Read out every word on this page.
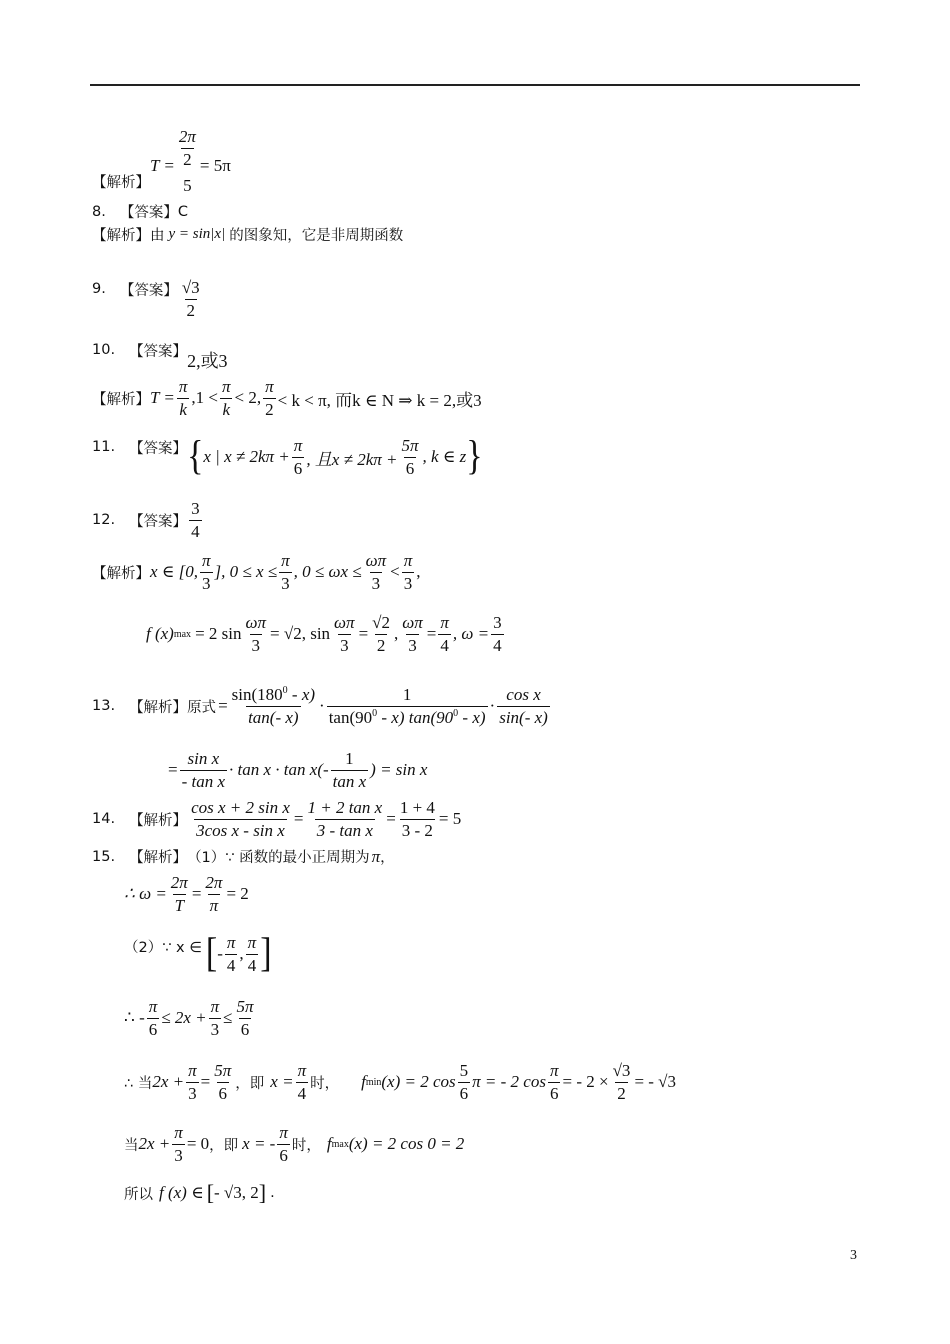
【解析】
$T = \frac{2\pi}{\frac{2}{5}} = 5\pi$
8. 【答案】 C
【解析】 由 y = sin|x| 的图象知，它是非周期函数
9. 【答案】 $\frac{√3}{2}$
10. 【答案】 2,或3
【解析】 $T = \frac{\pi}{k} ,1 < \frac{\pi}{k} < 2$, $\frac{\pi}{2} < k < \pi$, 而k ∈ N ⇒ k = 2,或3
11. 【答案】 { x | $x \ne 2k\pi + \frac{\pi}{6}$ , 且$x \ne 2k\pi + \frac{5\pi}{6}$ , k ∈ z }
12. 【答案】 $\frac{3}{4}$
【解析】 x ∈ [0, $\frac{\pi}{3}$ ], $0 \le x \le \frac{\pi}{3}$ , $0 \le \omega x \le \frac{\omega\pi}{3} < \frac{\pi}{3}$ ,
f (x) max = 2 $\sin \frac{\omega\pi}{3} = √2$, $\sin \frac{\omega\pi}{3} = \frac{√2}{2}$ , $\frac{\omega\pi}{3} = \frac{\pi}{4}$ , $\omega = \frac{3}{4}$
13. 【解析】 原式 = $\frac{\sin(180^0 - x)}{\tan(- x)} \cdot \frac{1}{\tan(90^0 - x) \tan(90^0 - x)} \cdot \frac{\text{cos x}}{\sin(- x)}$
= $\frac{\text{sin x}}{\text{- tan x}} \cdot \tan x \cdot \tan x(- \frac{1}{\text{tan x}}$ ) = sin x
14. 【解析】 $\frac{\text{cos x + 2 sin x}}{\text{3cos x - sin x}} = \frac{\text{1 + 2 tan x}}{\text{3 - tan x}} = \frac{1 + 4}{3 - 2} = 5$
15. 【解析】 （1）∵ 函数的最小正周期为 π ，
∴ $\omega = \frac{2\pi}{T} = \frac{2\pi}{\pi} = 2$
（2）∵ x ∈ [ - $\frac{\pi}{4}$ , $\frac{\pi}{4}$ ]
∴ - $\frac{\pi}{6} \le 2x + \frac{\pi}{3} \le \frac{5\pi}{6}$
∴ 当 $2x + \frac{\pi}{3} = \frac{5\pi}{6}$ ，即 $x = \frac{\pi}{4}$ 时， f min (x) = 2 $\cos \frac{5}{6}$ π = - 2 $\cos \frac{\pi}{6}$ = - $2 \times \frac{√3}{2}$ = - √3
当 $2x + \frac{\pi}{3} = 0$ ，即 x = - $\frac{\pi}{6}$ 时， f max (x) = 2 cos 0 = 2
所以 f (x) ∈ [ - √3, 2 ] .
3
